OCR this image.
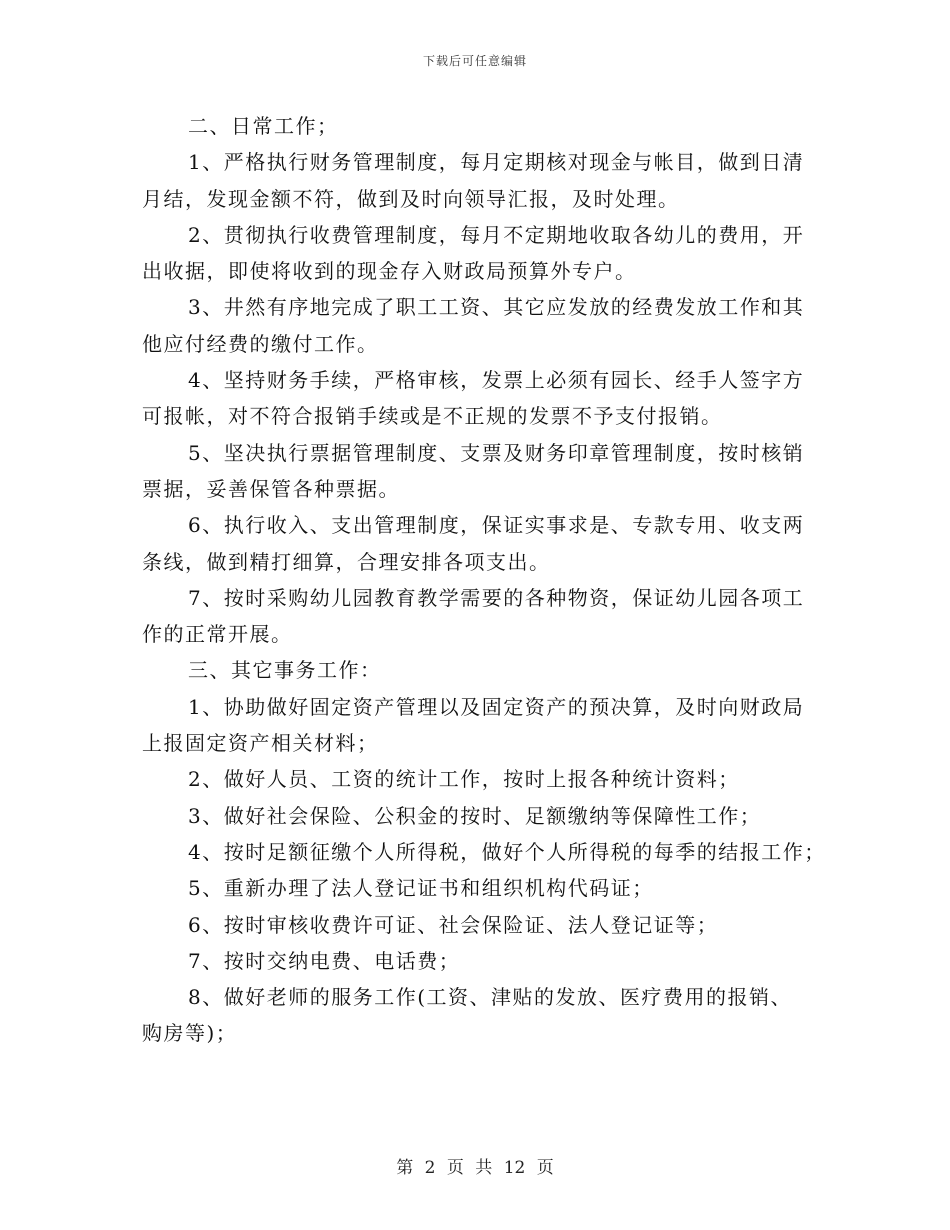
下载后可任意编辑
二、日常工作；
1、严格执行财务管理制度，每月定期核对现金与帐目，做到日清
月结，发现金额不符，做到及时向领导汇报，及时处理。
2、贯彻执行收费管理制度，每月不定期地收取各幼儿的费用，开
出收据，即使将收到的现金存入财政局预算外专户。
3、井然有序地完成了职工工资、其它应发放的经费发放工作和其
他应付经费的缴付工作。
4、坚持财务手续，严格审核，发票上必须有园长、经手人签字方
可报帐，对不符合报销手续或是不正规的发票不予支付报销。
5、坚决执行票据管理制度、支票及财务印章管理制度，按时核销
票据，妥善保管各种票据。
6、执行收入、支出管理制度，保证实事求是、专款专用、收支两
条线，做到精打细算，合理安排各项支出。
7、按时采购幼儿园教育教学需要的各种物资，保证幼儿园各项工
作的正常开展。
三、其它事务工作：
1、协助做好固定资产管理以及固定资产的预决算，及时向财政局
上报固定资产相关材料；
2、做好人员、工资的统计工作，按时上报各种统计资料；
3、做好社会保险、公积金的按时、足额缴纳等保障性工作；
4、按时足额征缴个人所得税，做好个人所得税的每季的结报工作；
5、重新办理了法人登记证书和组织机构代码证；
6、按时审核收费许可证、社会保险证、法人登记证等；
7、按时交纳电费、电话费；
8、做好老师的服务工作(工资、津贴的发放、医疗费用的报销、
购房等)；
第 2 页 共 12 页
